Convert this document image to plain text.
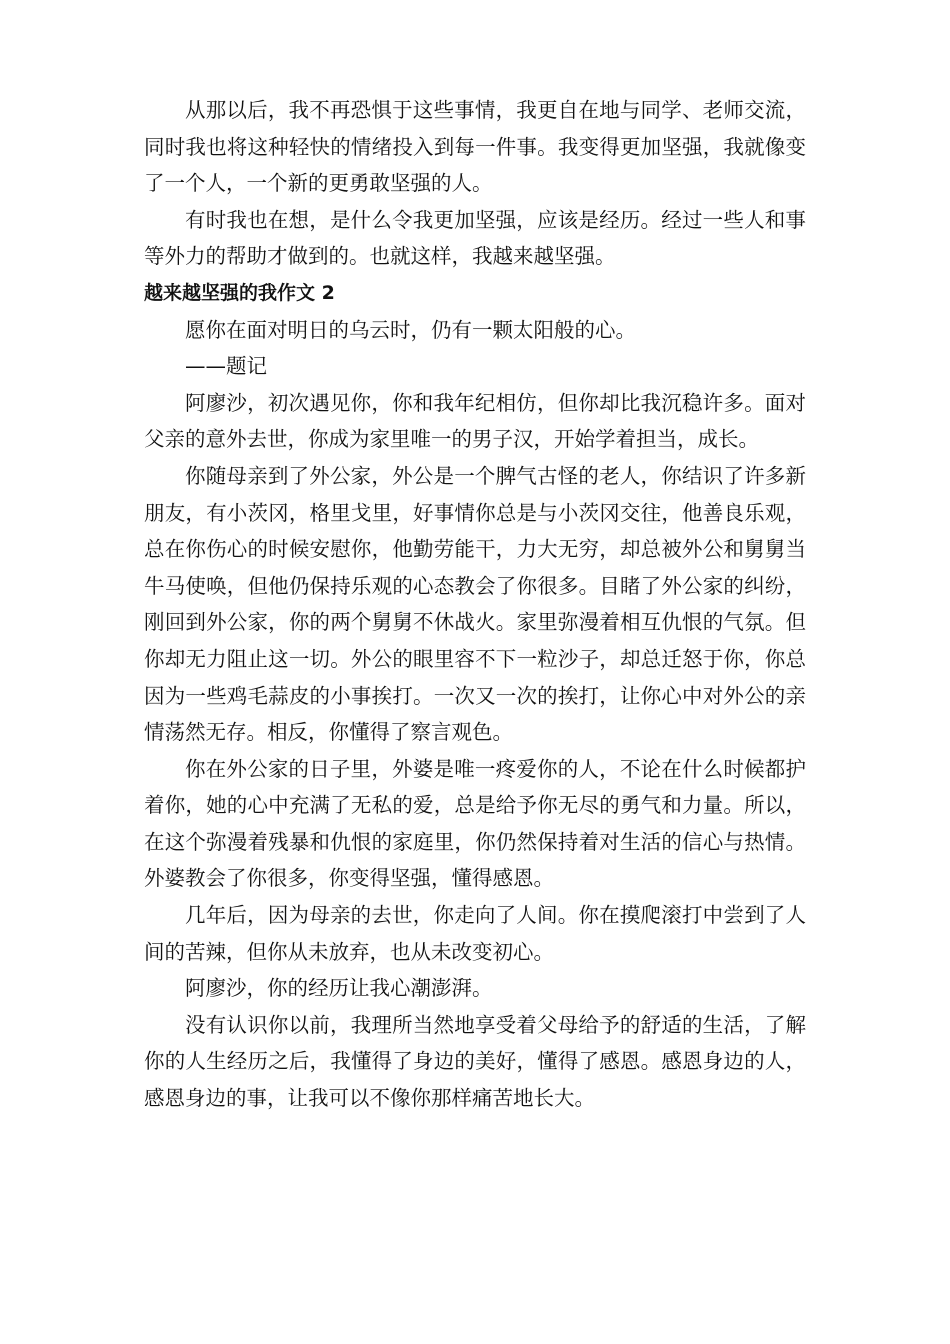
从那以后，我不再恐惧于这些事情，我更自在地与同学、老师交流，同时我也将这种轻快的情绪投入到每一件事。我变得更加坚强，我就像变了一个人，一个新的更勇敢坚强的人。

有时我也在想，是什么令我更加坚强，应该是经历。经过一些人和事等外力的帮助才做到的。也就这样，我越来越坚强。

越来越坚强的我作文 2

愿你在面对明日的乌云时，仍有一颗太阳般的心。

——题记

阿廖沙，初次遇见你，你和我年纪相仿，但你却比我沉稳许多。面对父亲的意外去世，你成为家里唯一的男子汉，开始学着担当，成长。

你随母亲到了外公家，外公是一个脾气古怪的老人，你结识了许多新朋友，有小茨冈，格里戈里，好事情你总是与小茨冈交往，他善良乐观，总在你伤心的时候安慰你，他勤劳能干，力大无穷，却总被外公和舅舅当牛马使唤，但他仍保持乐观的心态教会了你很多。目睹了外公家的纠纷，刚回到外公家，你的两个舅舅不休战火。家里弥漫着相互仇恨的气氛。但你却无力阻止这一切。外公的眼里容不下一粒沙子，却总迁怒于你，你总因为一些鸡毛蒜皮的小事挨打。一次又一次的挨打，让你心中对外公的亲情荡然无存。相反，你懂得了察言观色。

你在外公家的日子里，外婆是唯一疼爱你的人，不论在什么时候都护着你，她的心中充满了无私的爱，总是给予你无尽的勇气和力量。所以，在这个弥漫着残暴和仇恨的家庭里，你仍然保持着对生活的信心与热情。外婆教会了你很多，你变得坚强，懂得感恩。

几年后，因为母亲的去世，你走向了人间。你在摸爬滚打中尝到了人间的苦辣，但你从未放弃，也从未改变初心。

阿廖沙，你的经历让我心潮澎湃。

没有认识你以前，我理所当然地享受着父母给予的舒适的生活，了解你的人生经历之后，我懂得了身边的美好，懂得了感恩。感恩身边的人，感恩身边的事，让我可以不像你那样痛苦地长大。
